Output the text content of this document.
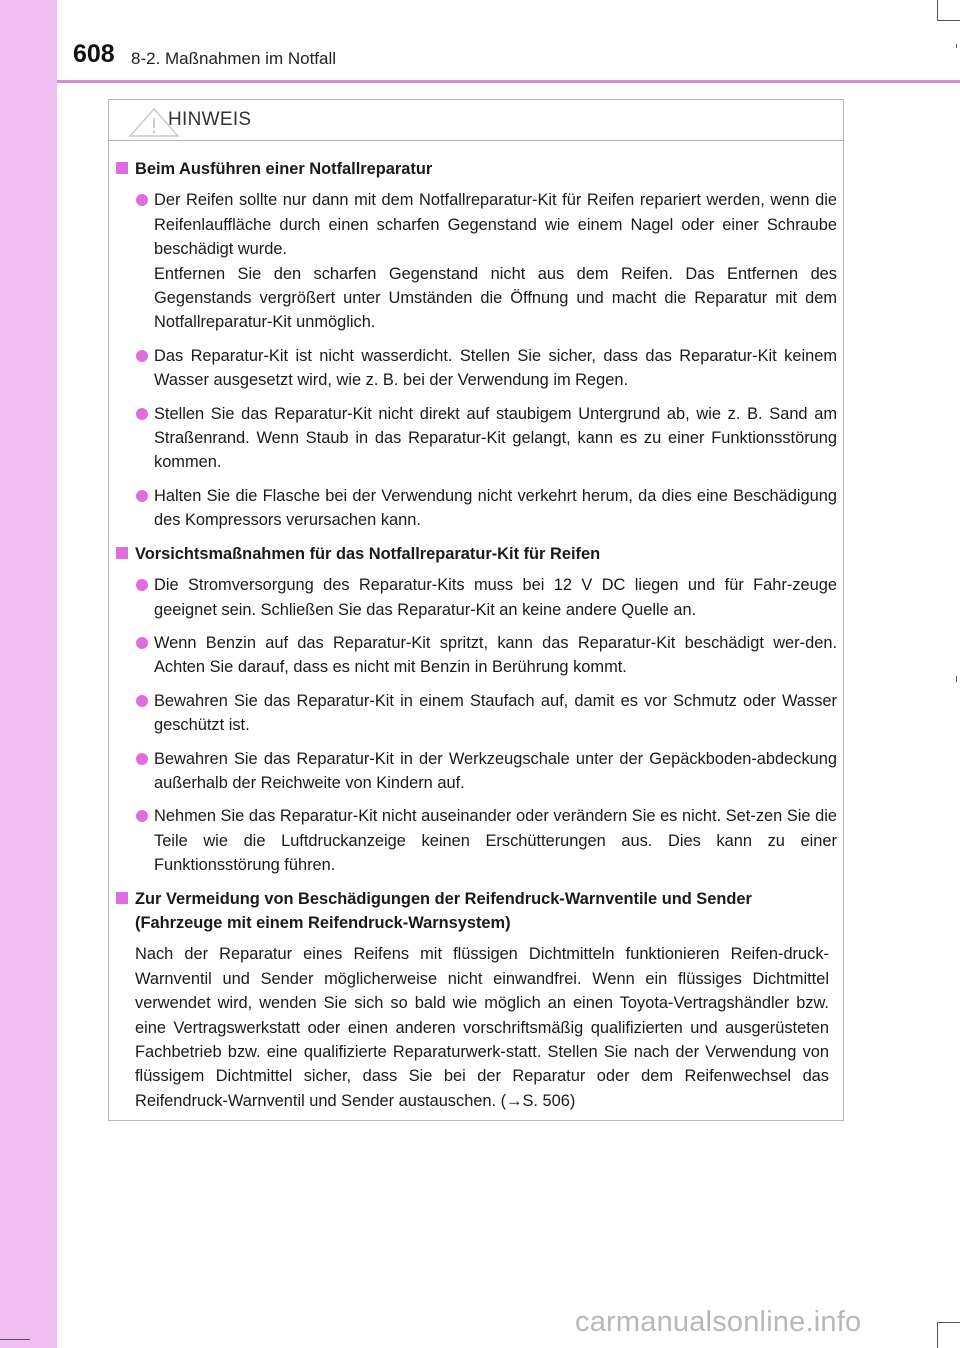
608 8-2. Maßnahmen im Notfall
HINWEIS
Beim Ausführen einer Notfallreparatur
Der Reifen sollte nur dann mit dem Notfallreparatur-Kit für Reifen repariert werden, wenn die Reifenlauffläche durch einen scharfen Gegenstand wie einem Nagel oder einer Schraube beschädigt wurde.
Entfernen Sie den scharfen Gegenstand nicht aus dem Reifen. Das Entfernen des Gegenstands vergrößert unter Umständen die Öffnung und macht die Reparatur mit dem Notfallreparatur-Kit unmöglich.
Das Reparatur-Kit ist nicht wasserdicht. Stellen Sie sicher, dass das Reparatur-Kit keinem Wasser ausgesetzt wird, wie z. B. bei der Verwendung im Regen.
Stellen Sie das Reparatur-Kit nicht direkt auf staubigem Untergrund ab, wie z. B. Sand am Straßenrand. Wenn Staub in das Reparatur-Kit gelangt, kann es zu einer Funktionsstörung kommen.
Halten Sie die Flasche bei der Verwendung nicht verkehrt herum, da dies eine Beschädigung des Kompressors verursachen kann.
Vorsichtsmaßnahmen für das Notfallreparatur-Kit für Reifen
Die Stromversorgung des Reparatur-Kits muss bei 12 V DC liegen und für Fahr-zeuge geeignet sein. Schließen Sie das Reparatur-Kit an keine andere Quelle an.
Wenn Benzin auf das Reparatur-Kit spritzt, kann das Reparatur-Kit beschädigt wer-den. Achten Sie darauf, dass es nicht mit Benzin in Berührung kommt.
Bewahren Sie das Reparatur-Kit in einem Staufach auf, damit es vor Schmutz oder Wasser geschützt ist.
Bewahren Sie das Reparatur-Kit in der Werkzeugschale unter der Gepäckboden-abdeckung außerhalb der Reichweite von Kindern auf.
Nehmen Sie das Reparatur-Kit nicht auseinander oder verändern Sie es nicht. Set-zen Sie die Teile wie die Luftdruckanzeige keinen Erschütterungen aus. Dies kann zu einer Funktionsstörung führen.
Zur Vermeidung von Beschädigungen der Reifendruck-Warnventile und Sender (Fahrzeuge mit einem Reifendruck-Warnsystem)
Nach der Reparatur eines Reifens mit flüssigen Dichtmitteln funktionieren Reifen-druck-Warnventil und Sender möglicherweise nicht einwandfrei. Wenn ein flüssiges Dichtmittel verwendet wird, wenden Sie sich so bald wie möglich an einen Toyota-Vertragshändler bzw. eine Vertragswerkstatt oder einen anderen vorschriftsmäßig qualifizierten und ausgerüsteten Fachbetrieb bzw. eine qualifizierte Reparaturwerk-statt. Stellen Sie nach der Verwendung von flüssigem Dichtmittel sicher, dass Sie bei der Reparatur oder dem Reifenwechsel das Reifendruck-Warnventil und Sender austauschen. (→S. 506)
carmanualsonline.info
